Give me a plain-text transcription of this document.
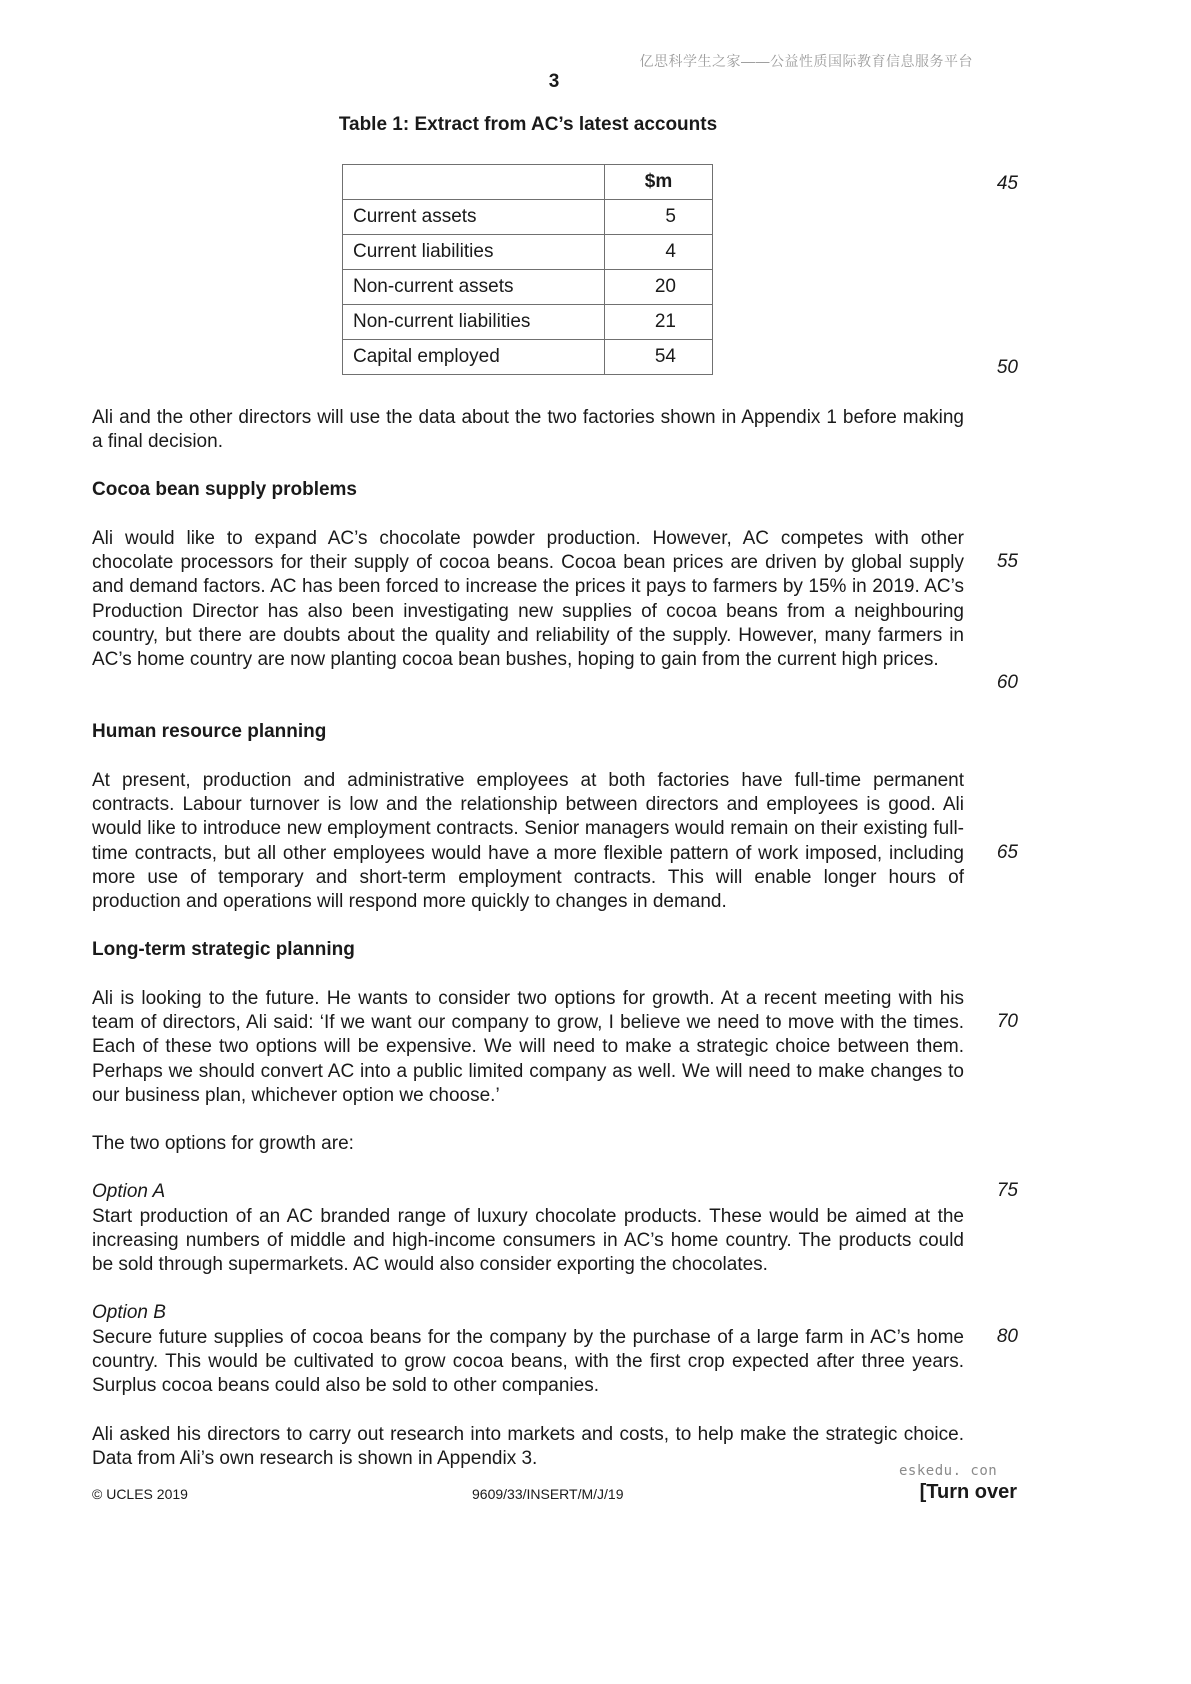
亿思科学生之家——公益性质国际教育信息服务平台
3
Table 1: Extract from AC’s latest accounts
	$m
Current assets	5
Current liabilities	4
Non-current assets	20
Non-current liabilities	21
Capital employed	54
45
50
55
60
65
70
75
80
Ali and the other directors will use the data about the two factories shown in Appendix 1 before making a final decision.
Cocoa bean supply problems
Ali would like to expand AC’s chocolate powder production. However, AC competes with other chocolate processors for their supply of cocoa beans. Cocoa bean prices are driven by global supply and demand factors. AC has been forced to increase the prices it pays to farmers by 15% in 2019. AC’s Production Director has also been investigating new supplies of cocoa beans from a neighbouring country, but there are doubts about the quality and reliability of the supply. However, many farmers in AC’s home country are now planting cocoa bean bushes, hoping to gain from the current high prices.
Human resource planning
At present, production and administrative employees at both factories have full-time permanent contracts. Labour turnover is low and the relationship between directors and employees is good. Ali would like to introduce new employment contracts. Senior managers would remain on their existing full-time contracts, but all other employees would have a more flexible pattern of work imposed, including more use of temporary and short-term employment contracts. This will enable longer hours of production and operations will respond more quickly to changes in demand.
Long-term strategic planning
Ali is looking to the future. He wants to consider two options for growth. At a recent meeting with his team of directors, Ali said: ‘If we want our company to grow, I believe we need to move with the times. Each of these two options will be expensive. We will need to make a strategic choice between them. Perhaps we should convert AC into a public limited company as well. We will need to make changes to our business plan, whichever option we choose.’
The two options for growth are:
Option A
Start production of an AC branded range of luxury chocolate products. These would be aimed at the increasing numbers of middle and high-income consumers in AC’s home country. The products could be sold through supermarkets. AC would also consider exporting the chocolates.
Option B
Secure future supplies of cocoa beans for the company by the purchase of a large farm in AC’s home country. This would be cultivated to grow cocoa beans, with the first crop expected after three years. Surplus cocoa beans could also be sold to other companies.
Ali asked his directors to carry out research into markets and costs, to help make the strategic choice. Data from Ali’s own research is shown in Appendix 3.
eskedu. con
© UCLES 2019	9609/33/INSERT/M/J/19	[Turn over
